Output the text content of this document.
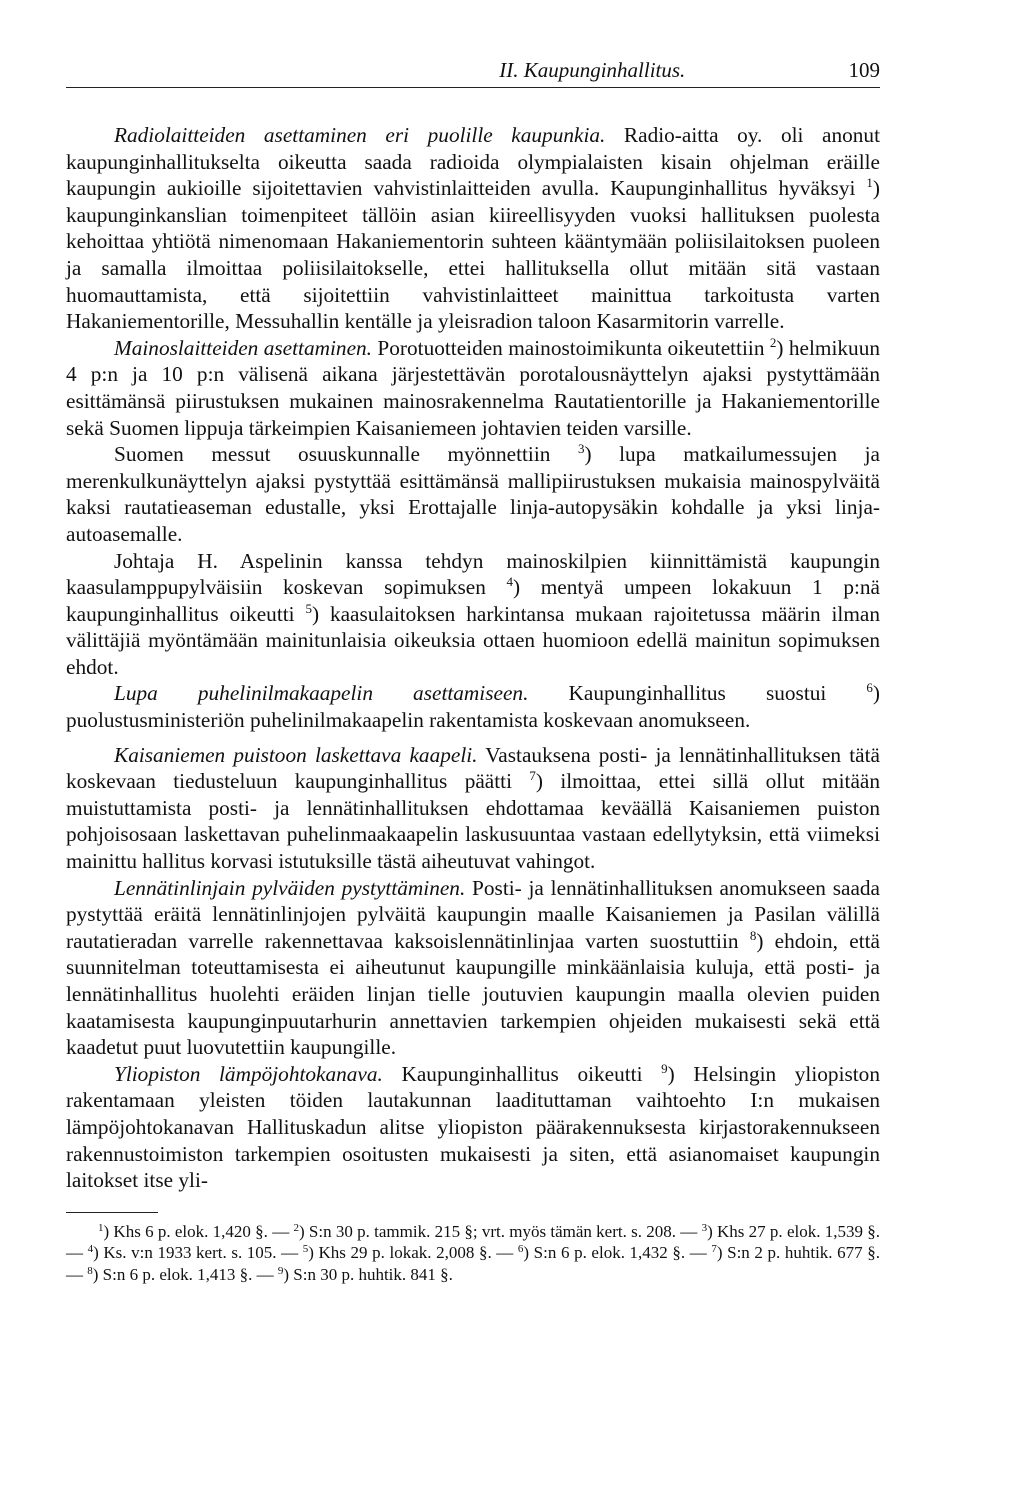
II. Kaupunginhallitus.	109

Radiolaitteiden asettaminen eri puolille kaupunkia. Radio-aitta oy. oli anonut kaupunginhallitukselta oikeutta saada radioida olympialaisten kisain ohjelman eräille kaupungin aukioille sijoitettavien vahvistinlaitteiden avulla. Kaupunginhallitus hyväksyi $^1$) kaupunginkanslian toimenpiteet tällöin asian kiireellisyyden vuoksi hallituksen puolesta kehoittaa yhtiötä nimenomaan Hakaniementorin suhteen kääntymään poliisilaitoksen puoleen ja samalla ilmoittaa poliisilaitokselle, ettei hallituksella ollut mitään sitä vastaan huomauttamista, että sijoitettiin vahvistinlaitteet mainittua tarkoitusta varten Hakaniementorille, Messuhallin kentälle ja yleisradion taloon Kasarmitorin varrelle.

Mainoslaitteiden asettaminen. Porotuotteiden mainostoimikunta oikeutettiin $^2$) helmikuun 4 p:n ja 10 p:n välisenä aikana järjestettävän porotalousnäyttelyn ajaksi pystyttämään esittämänsä piirustuksen mukainen mainosrakennelma Rautatientorille ja Hakaniementorille sekä Suomen lippuja tärkeimpien Kaisaniemeen johtavien teiden varsille.

Suomen messut osuuskunnalle myönnettiin $^3$) lupa matkailumessujen ja merenkulkunäyttelyn ajaksi pystyttää esittämänsä mallipiirustuksen mukaisia mainospylväitä kaksi rautatieaseman edustalle, yksi Erottajalle linja-autopysäkin kohdalle ja yksi linja-autoasemalle.

Johtaja H. Aspelinin kanssa tehdyn mainoskilpien kiinnittämistä kaupungin kaasulamppupylväisiin koskevan sopimuksen $^4$) mentyä umpeen lokakuun 1 p:nä kaupunginhallitus oikeutti $^5$) kaasulaitoksen harkintansa mukaan rajoitetussa määrin ilman välittäjiä myöntämään mainitunlaisia oikeuksia ottaen huomioon edellä mainitun sopimuksen ehdot.

Lupa puhelinilmakaapelin asettamiseen. Kaupunginhallitus suostui $^6$) puolustusministeriön puhelinilmakaapelin rakentamista koskevaan anomukseen.

Kaisaniemen puistoon laskettava kaapeli. Vastauksena posti- ja lennätinhallituksen tätä koskevaan tiedusteluun kaupunginhallitus päätti $^7$) ilmoittaa, ettei sillä ollut mitään muistuttamista posti- ja lennätinhallituksen ehdottamaa keväällä Kaisaniemen puiston pohjoisosaan laskettavan puhelinmaakaapelin laskusuuntaa vastaan edellytyksin, että viimeksi mainittu hallitus korvasi istutuksille tästä aiheutuvat vahingot.

Lennätinlinjain pylväiden pystyttäminen. Posti- ja lennätinhallituksen anomukseen saada pystyttää eräitä lennätinlinjojen pylväitä kaupungin maalle Kaisaniemen ja Pasilan välillä rautatieradan varrelle rakennettavaa kaksoislennätinlinjaa varten suostuttiin $^8$) ehdoin, että suunnitelman toteuttamisesta ei aiheutunut kaupungille minkäänlaisia kuluja, että posti- ja lennätinhallitus huolehti eräiden linjan tielle joutuvien kaupungin maalla olevien puiden kaatamisesta kaupunginpuutarhurin annettavien tarkempien ohjeiden mukaisesti sekä että kaadetut puut luovutettiin kaupungille.

Yliopiston lämpöjohtokanava. Kaupunginhallitus oikeutti $^9$) Helsingin yliopiston rakentamaan yleisten töiden lautakunnan laadituttaman vaihtoehto I:n mukaisen lämpöjohtokanavan Hallituskadun alitse yliopiston päärakennuksesta kirjastorakennukseen rakennustoimiston tarkempien osoitusten mukaisesti ja siten, että asianomaiset kaupungin laitokset itse yli-

$^1$) Khs 6 p. elok. 1,420 §. — $^2$) S:n 30 p. tammik. 215 §; vrt. myös tämän kert. s. 208. — $^3$) Khs 27 p. elok. 1,539 §. — $^4$) Ks. v:n 1933 kert. s. 105. — $^5$) Khs 29 p. lokak. 2,008 §. — $^6$) S:n 6 p. elok. 1,432 §. — $^7$) S:n 2 p. huhtik. 677 §. — $^8$) S:n 6 p. elok. 1,413 §. — $^9$) S:n 30 p. huhtik. 841 §.
